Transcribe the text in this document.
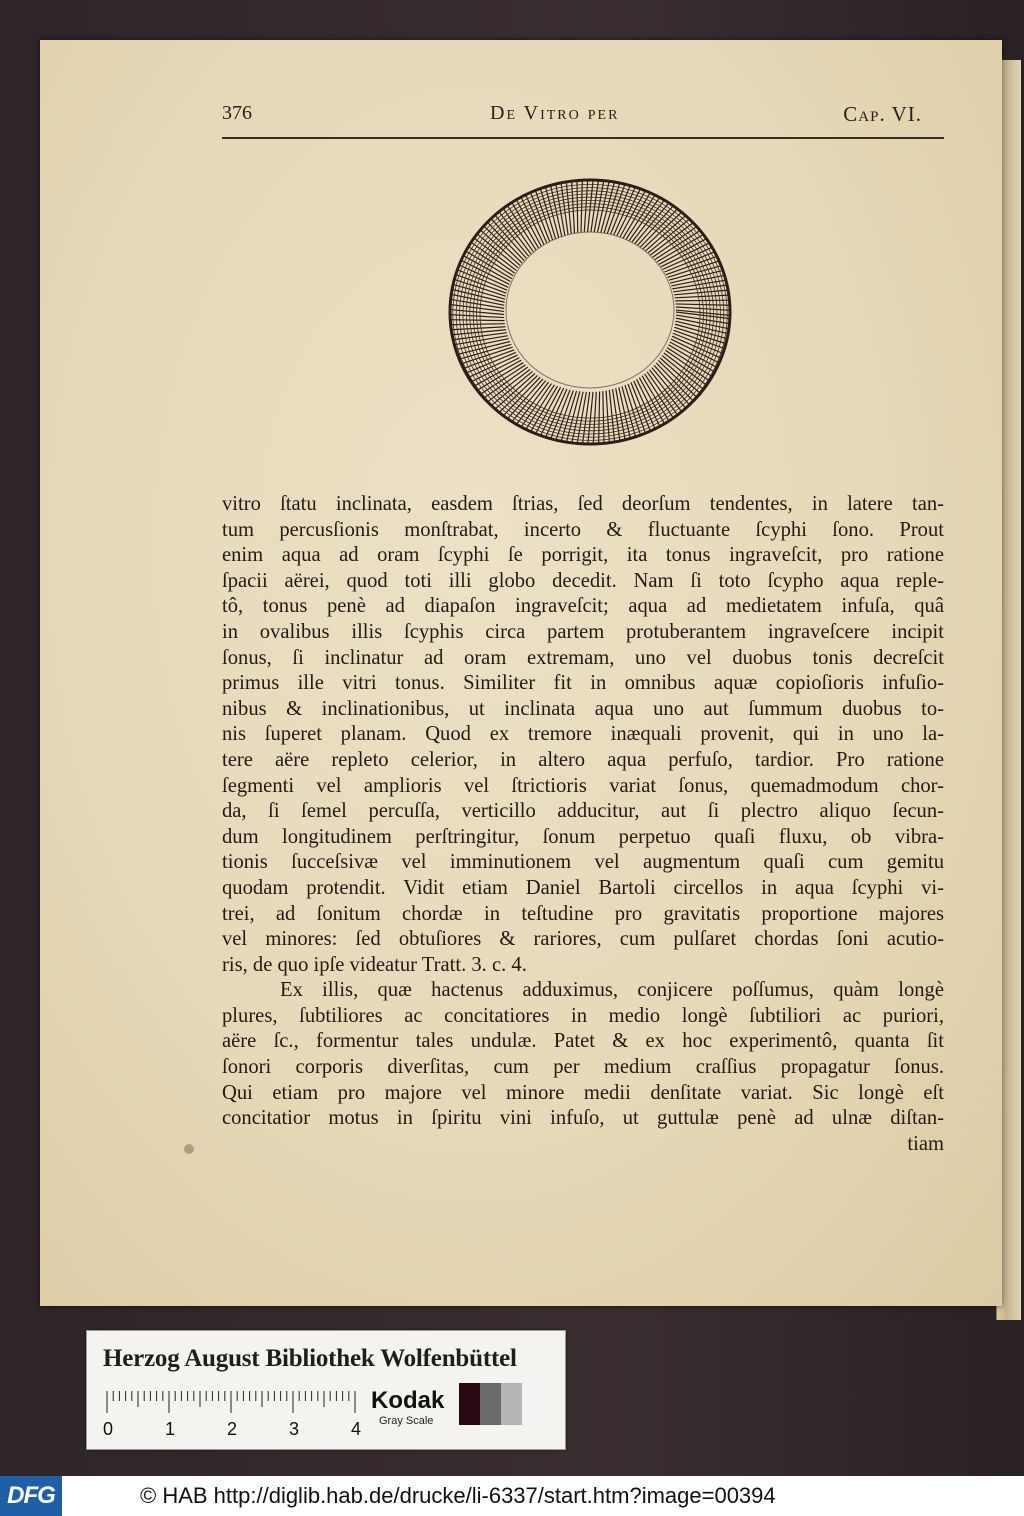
376	De Vitro per	Cap. VI.
vitro ſtatu inclinata, easdem ſtrias, ſed deorſum tendentes, in latere tan-
tum percusſionis monſtrabat, incerto & fluctuante ſcyphi ſono. Prout
enim aqua ad oram ſcyphi ſe porrigit, ita tonus ingraveſcit, pro ratione
ſpacii aërei, quod toti illi globo decedit. Nam ſi toto ſcypho aqua reple-
tô, tonus penè ad diapaſon ingraveſcit; aqua ad medietatem infuſa, quâ
in ovalibus illis ſcyphis circa partem protuberantem ingraveſcere incipit
ſonus, ſi inclinatur ad oram extremam, uno vel duobus tonis decreſcit
primus ille vitri tonus. Similiter fit in omnibus aquæ copioſioris infuſio-
nibus & inclinationibus, ut inclinata aqua uno aut ſummum duobus to-
nis ſuperet planam. Quod ex tremore inæquali provenit, qui in uno la-
tere aëre repleto celerior, in altero aqua perfuſo, tardior. Pro ratione
ſegmenti vel amplioris vel ſtrictioris variat ſonus, quemadmodum chor-
da, ſi ſemel percuſſa, verticillo adducitur, aut ſi plectro aliquo ſecun-
dum longitudinem perſtringitur, ſonum perpetuo quaſi fluxu, ob vibra-
tionis ſucceſsivæ vel imminutionem vel augmentum quaſi cum gemitu
quodam protendit. Vidit etiam Daniel Bartoli circellos in aqua ſcyphi vi-
trei, ad ſonitum chordæ in teſtudine pro gravitatis proportione majores
vel minores: ſed obtuſiores & rariores, cum pulſaret chordas ſoni acutio-
ris, de quo ipſe videatur Tratt. 3. c. 4.
Ex illis, quæ hactenus adduximus, conjicere poſſumus, quàm longè
plures, ſubtiliores ac concitatiores in medio longè ſubtiliori ac puriori,
aëre ſc., formentur tales undulæ. Patet & ex hoc experimentô, quanta ſit
ſonori corporis diverſitas, cum per medium craſſius propagatur ſonus.
Qui etiam pro majore vel minore medii denſitate variat. Sic longè eſt
concitatior motus in ſpiritu vini infuſo, ut guttulæ penè ad ulnæ diſtan-
tiam
Herzog August Bibliothek Wolfenbüttel
0	1	2	3	4
Kodak
Gray Scale
DFG	© HAB http://diglib.hab.de/drucke/li-6337/start.htm?image=00394
